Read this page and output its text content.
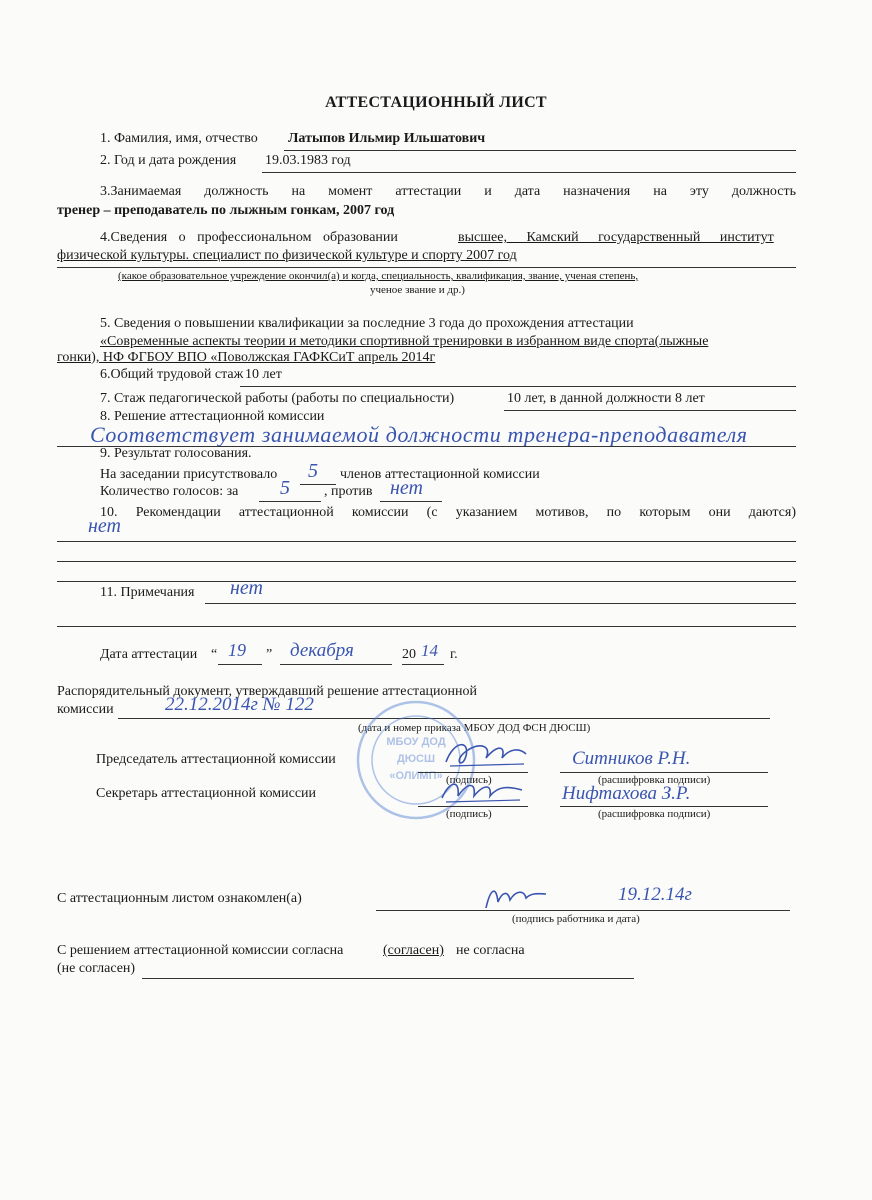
АТТЕСТАЦИОННЫЙ ЛИСТ
1. Фамилия, имя, отчество Латыпов Ильмир Ильшатович
2. Год и дата рождения 19.03.1983 год
3.Занимаемая должность на момент аттестации и дата назначения на эту должность
тренер – преподаватель по лыжным гонкам, 2007 год
4.Сведения о профессиональном образовании	высшее, Камский государственный институт
физической культуры. специалист по физической культуре и спорту 2007 год
(какое образовательное учреждение окончил(а) и когда, специальность, квалификация, звание, ученая степень,
ученое звание и др.)
5. Сведения о повышении квалификации за последние 3 года до прохождения аттестации
«Современные аспекты теории и методики спортивной тренировки в избранном виде спорта(лыжные
гонки), НФ ФГБОУ ВПО «Поволжская ГАФКСиТ апрель 2014г
6.Общий трудовой стаж 10 лет
7. Стаж педагогической работы (работы по специальности)	10 лет, в данной должности 8 лет
8. Решение аттестационной комиссии
Соответствует занимаемой должности тренера-преподавателя
9. Результат голосования.
На заседании присутствовало 5 членов аттестационной комиссии
Количество голосов: за 5 , против нет
10. Рекомендации аттестационной комиссии (с указанием мотивов, по которым они даются)
нет
11. Примечания нет
Дата аттестации “ 19 ” декабря	20 14 г.
Распорядительный документ, утверждавший решение аттестационной
комиссии	22.12.2014г № 122
(дата и номер приказа МБОУ ДОД ФСН ДЮСШ)
МБОУ ДОД
ДЮСШ
«ОЛИМП»
Председатель аттестационной комиссии
(подпись)
Ситников Р.Н.
(расшифровка подписи)
Секретарь аттестационной комиссии
(подпись)
Нифтахова З.Р.
(расшифровка подписи)
С аттестационным листом ознакомлен(а)	19.12.14г
(подпись работника и дата)
С решением аттестационной комиссии согласна	(согласен) не согласна
(не согласен)
